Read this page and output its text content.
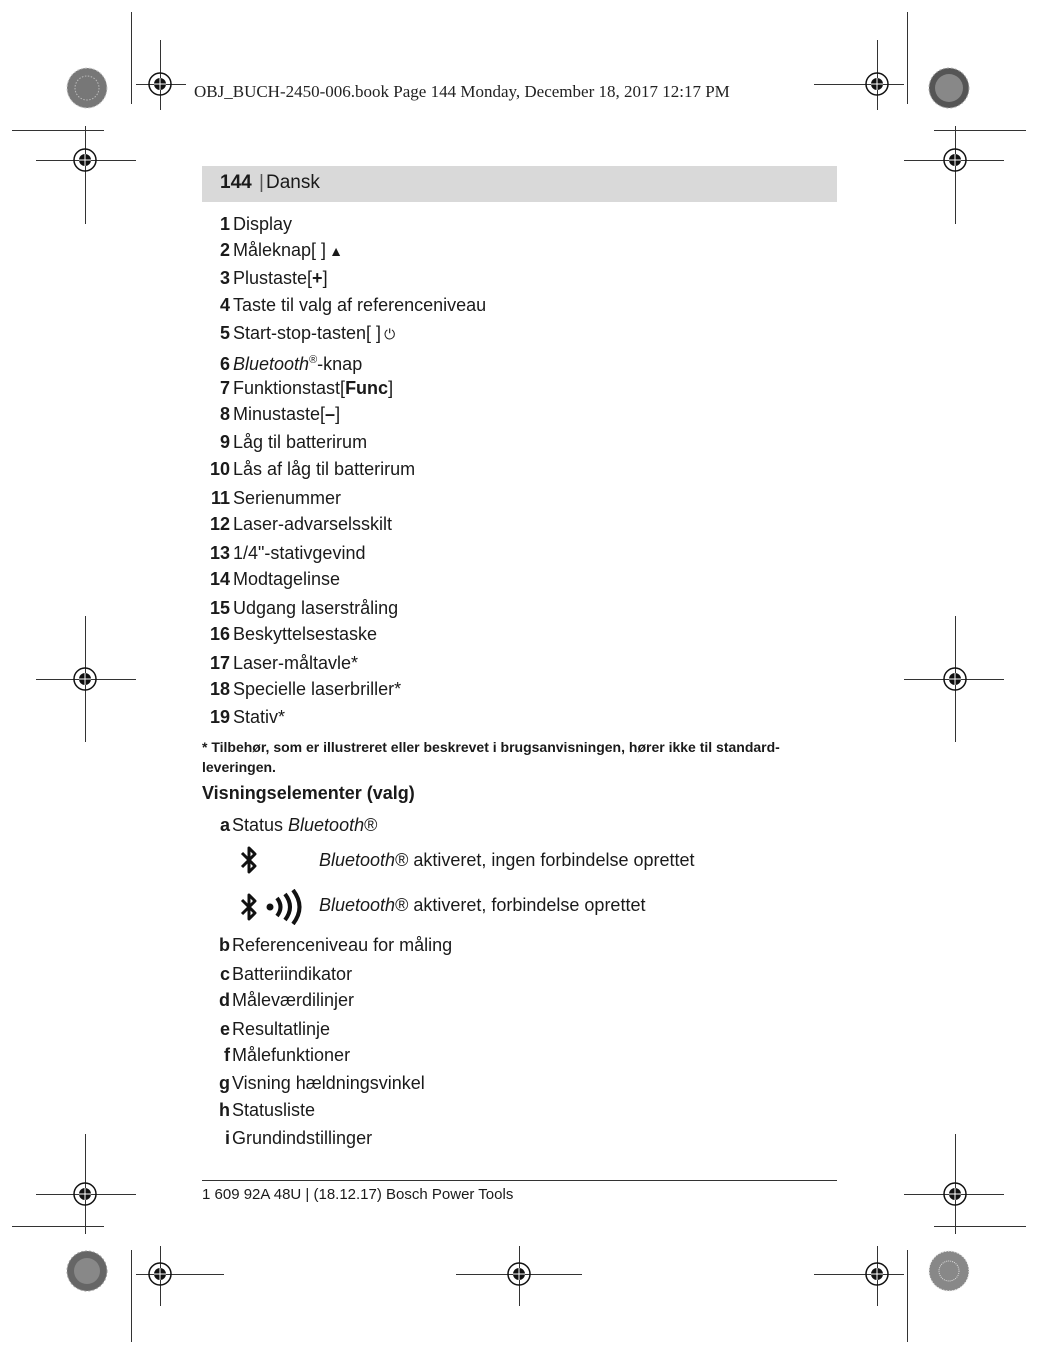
OBJ_BUCH-2450-006.book Page 144 Monday, December 18, 2017 12:17 PM
144 | Dansk
1 Display
2 Måleknap[ ] ▲
3 Plustaste[+]
4 Taste til valg af referenceniveau
5 Start-stop-tasten[ ] ⏻
6 Bluetooth®-knap
7 Funktionstast[Func]
8 Minustaste[–]
9 Låg til batterirum
10 Lås af låg til batterirum
11 Serienummer
12 Laser-advarselsskilt
13 1/4"-stativgevind
14 Modtagelinse
15 Udgang laserstråling
16 Beskyttelsestaske
17 Laser-måltavle*
18 Specielle laserbriller*
19 Stativ*
* Tilbehør, som er illustreret eller beskrevet i brugsanvisningen, hører ikke til standard-leveringen.
Visningselementer (valg)
a Status Bluetooth®
Bluetooth® aktiveret, ingen forbindelse oprettet
Bluetooth® aktiveret, forbindelse oprettet
b Referenceniveau for måling
c Batteriindikator
d Måleværdilinjer
e Resultatlinje
f Målefunktioner
g Visning hældningsvinkel
h Statusliste
i Grundindstillinger
1 609 92A 48U | (18.12.17) Bosch Power Tools
